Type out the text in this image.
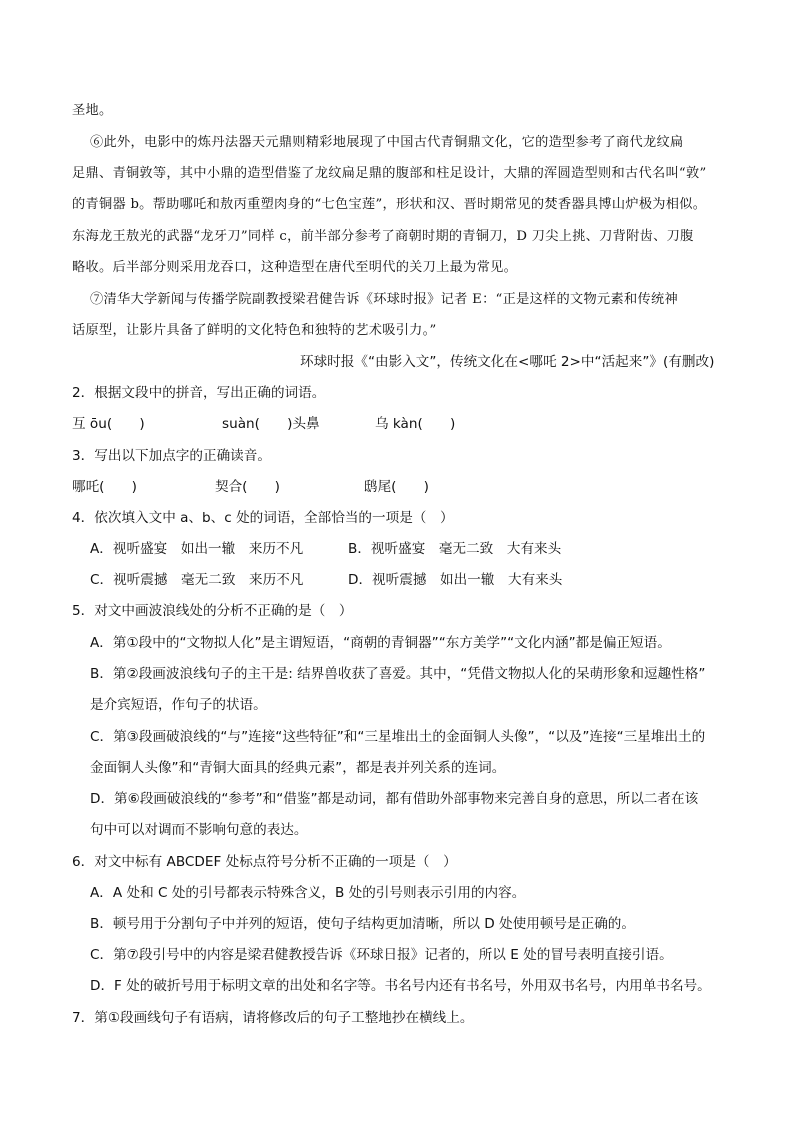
圣地。
⑥此外，电影中的炼丹法器天元鼎则精彩地展现了中国古代青铜鼎文化，它的造型参考了商代龙纹扁
足鼎、青铜敦等，其中小鼎的造型借鉴了龙纹扁足鼎的腹部和柱足设计，大鼎的浑圆造型则和古代名叫“敦”
的青铜器 b。帮助哪吒和敖丙重塑肉身的“七色宝莲”，形状和汉、晋时期常见的焚香器具博山炉极为相似。
东海龙王敖光的武器“龙牙刀”同样 c，前半部分参考了商朝时期的青铜刀，D 刀尖上挑、刀背附齿、刀腹
略收。后半部分则采用龙吞口，这种造型在唐代至明代的关刀上最为常见。
⑦清华大学新闻与传播学院副教授梁君健告诉《环球时报》记者 E：“正是这样的文物元素和传统神
话原型，让影片具备了鲜明的文化特色和独特的艺术吸引力。”
环球时报《“由影入文”，传统文化在<哪吒 2>中“活起来”》(有删改)
2．根据文段中的拼音，写出正确的词语。
互 ōu(　　)	suàn(　　)头鼻	乌 kàn(　　)
3．写出以下加点字的正确读音。
哪吒(　　)	契合(　　)	鸱尾(　　)
4．依次填入文中 a、b、c 处的词语，全部恰当的一项是（　）
A．视听盛宴　如出一辙　来历不凡	B．视听盛宴　毫无二致　大有来头
C．视听震撼　毫无二致　来历不凡	D．视听震撼　如出一辙　大有来头
5．对文中画波浪线处的分析不正确的是（　）
A．第①段中的“文物拟人化”是主谓短语，“商朝的青铜器”“东方美学”“文化内涵”都是偏正短语。
B．第②段画波浪线句子的主干是: 结界兽收获了喜爱。其中，“凭借文物拟人化的呆萌形象和逗趣性格”
是介宾短语，作句子的状语。
C．第③段画破浪线的“与”连接“这些特征”和“三星堆出土的金面铜人头像”，“以及”连接“三星堆出土的
金面铜人头像”和“青铜大面具的经典元素”，都是表并列关系的连词。
D．第⑥段画破浪线的“参考”和“借鉴”都是动词，都有借助外部事物来完善自身的意思，所以二者在该
句中可以对调而不影响句意的表达。
6．对文中标有 ABCDEF 处标点符号分析不正确的一项是（　）
A．A 处和 C 处的引号都表示特殊含义，B 处的引号则表示引用的内容。
B．顿号用于分割句子中并列的短语，使句子结构更加清晰，所以 D 处使用顿号是正确的。
C．第⑦段引号中的内容是梁君健教授告诉《环球日报》记者的，所以 E 处的冒号表明直接引语。
D．F 处的破折号用于标明文章的出处和名字等。书名号内还有书名号，外用双书名号，内用单书名号。
7．第①段画线句子有语病，请将修改后的句子工整地抄在横线上。
